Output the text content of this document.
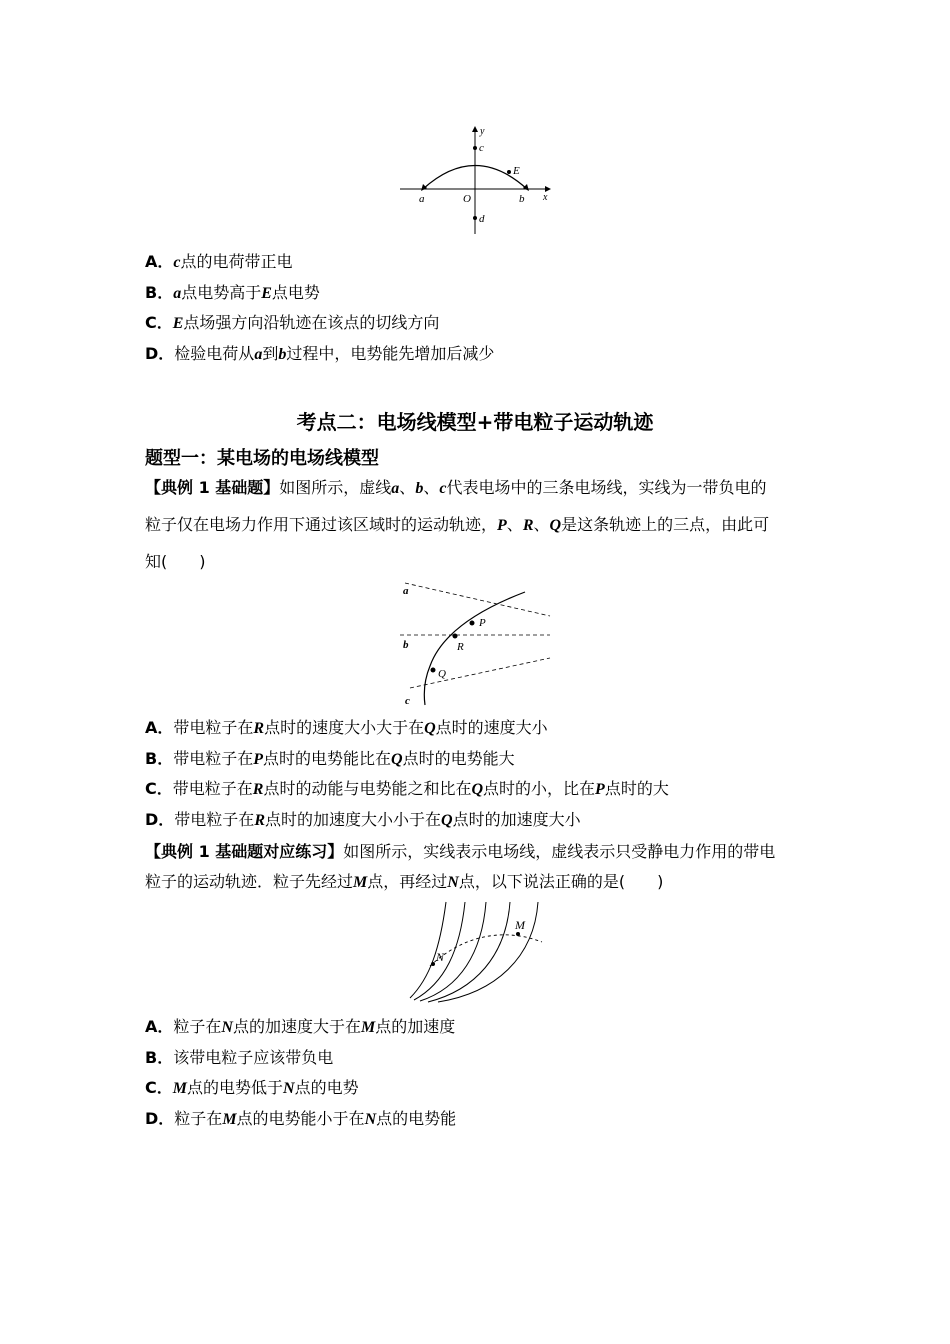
y
c
E
a	O	b x
d
A．c点的电荷带正电
B．a点电势高于E点电势
C．E点场强方向沿轨迹在该点的切线方向
D．检验电荷从a到b过程中，电势能先增加后减少
考点二：电场线模型+带电粒子运动轨迹
题型一：某电场的电场线模型
【典例 1 基础题】如图所示，虚线a、b、c代表电场中的三条电场线，实线为一带负电的
粒子仅在电场力作用下通过该区域时的运动轨迹，P、R、Q是这条轨迹上的三点，由此可
知(　　)
a
b
c
P
R
Q
A．带电粒子在R点时的速度大小大于在Q点时的速度大小
B．带电粒子在P点时的电势能比在Q点时的电势能大
C．带电粒子在R点时的动能与电势能之和比在Q点时的小，比在P点时的大
D．带电粒子在R点时的加速度大小小于在Q点时的加速度大小
【典例 1 基础题对应练习】如图所示，实线表示电场线，虚线表示只受静电力作用的带电
粒子的运动轨迹．粒子先经过M点，再经过N点，以下说法正确的是(　　)
M
N
A．粒子在N点的加速度大于在M点的加速度
B．该带电粒子应该带负电
C．M点的电势低于N点的电势
D．粒子在M点的电势能小于在N点的电势能
